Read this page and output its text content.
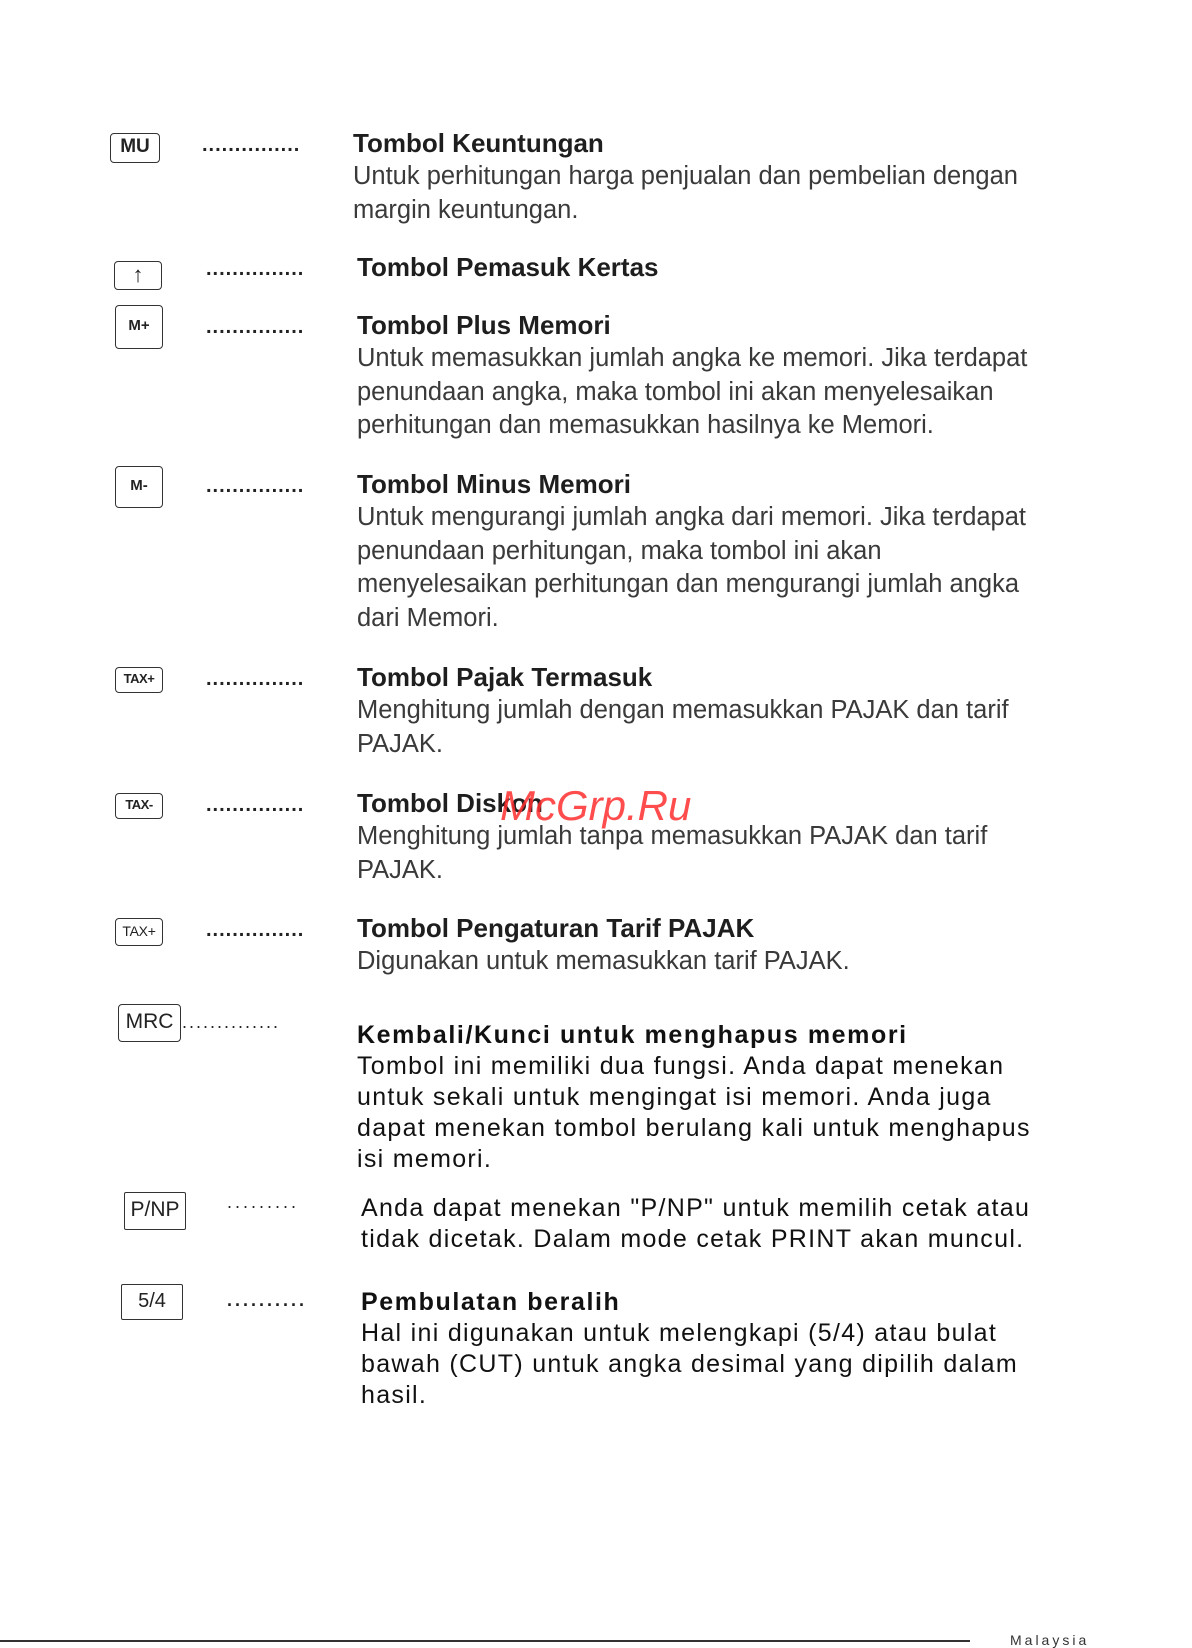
MU	............... Tombol Keuntungan
Untuk perhitungan harga penjualan dan pembelian dengan
margin keuntungan.
↑	............... Tombol Pemasuk Kertas
M+	............... Tombol Plus Memori
Untuk memasukkan jumlah angka ke memori. Jika terdapat
penundaan angka, maka tombol ini akan menyelesaikan
perhitungan dan memasukkan hasilnya ke Memori.
M-	............... Tombol Minus Memori
Untuk mengurangi jumlah angka dari memori. Jika terdapat
penundaan perhitungan, maka tombol ini akan
menyelesaikan perhitungan dan mengurangi jumlah angka
dari Memori.
TAX+	............... Tombol Pajak Termasuk
Menghitung jumlah dengan memasukkan PAJAK dan tarif
PAJAK.
TAX-	............... Tombol Diskon
Menghitung jumlah tanpa memasukkan PAJAK dan tarif
PAJAK.
McGrp.Ru
TAX+	............... Tombol Pengaturan Tarif PAJAK
Digunakan untuk memasukkan tarif PAJAK.
MRC ..............	Kembali/Kunci untuk menghapus memori
Tombol ini memiliki dua fungsi. Anda dapat menekan
untuk sekali untuk mengingat isi memori. Anda juga
dapat menekan tombol berulang kali untuk menghapus
isi memori.
P/NP	......... Anda dapat menekan "P/NP" untuk memilih cetak atau
tidak dicetak. Dalam mode cetak PRINT akan muncul.
5/4	.......... Pembulatan beralih
Hal ini digunakan untuk melengkapi (5/4) atau bulat
bawah (CUT) untuk angka desimal yang dipilih dalam
hasil.
Malaysia
